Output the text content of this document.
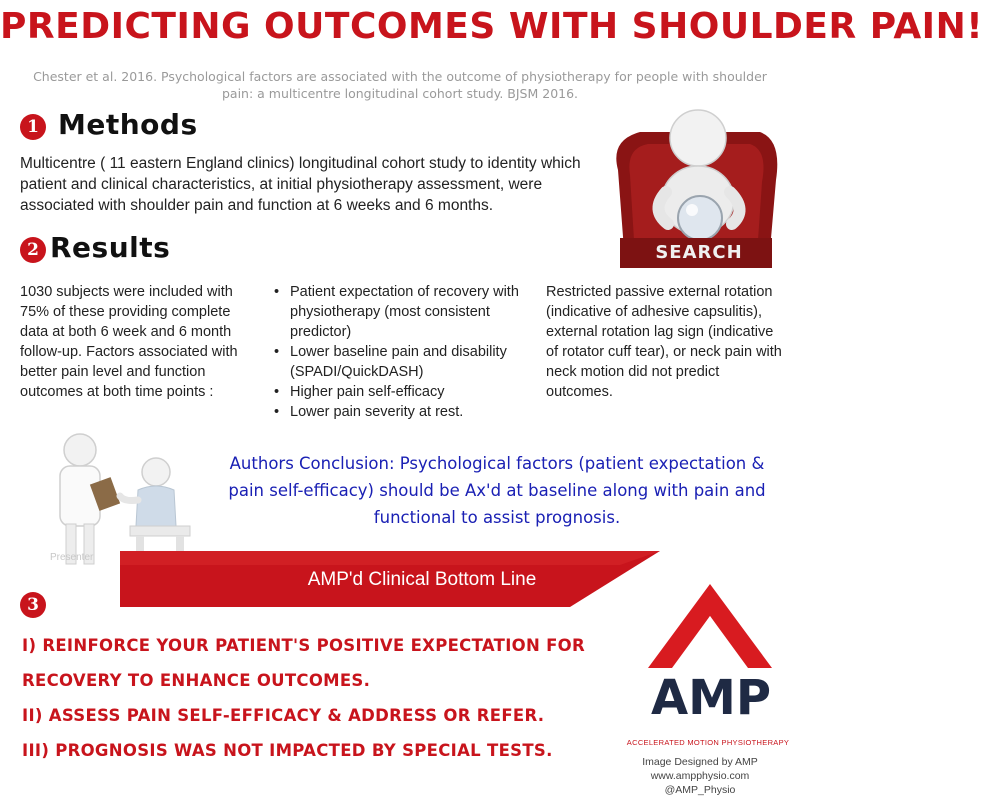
PREDICTING OUTCOMES WITH SHOULDER PAIN!
Chester et al. 2016. Psychological factors are associated with the outcome of physiotherapy for people with shoulder pain: a multicentre longitudinal cohort study. BJSM 2016.
1 Methods
Multicentre ( 11 eastern England clinics) longitudinal cohort study to identity which patient and clinical characteristics, at initial physiotherapy assessment, were associated with shoulder pain and function at 6 weeks and 6 months.
SEARCH
2 Results
1030 subjects were included with 75% of these providing complete data at both 6 week and 6 month follow-up. Factors associated with better pain level and function outcomes at both time points :
• Patient expectation of recovery with physiotherapy (most consistent predictor)
• Lower baseline pain and disability (SPADI/QuickDASH)
• Higher pain self-efficacy
• Lower pain severity at rest.
Restricted passive external rotation (indicative of adhesive capsulitis), external rotation lag sign (indicative of rotator cuff tear), or neck pain with neck motion did not predict outcomes.
Presenter
Authors Conclusion: Psychological factors (patient expectation & pain self-efficacy) should be Ax'd at baseline along with pain and functional to assist prognosis.
AMP'd Clinical Bottom Line
3
I) REINFORCE YOUR PATIENT'S POSITIVE EXPECTATION FOR
RECOVERY TO ENHANCE OUTCOMES.
II) ASSESS PAIN SELF-EFFICACY & ADDRESS OR REFER.
III) PROGNOSIS WAS NOT IMPACTED BY SPECIAL TESTS.
AMP
ACCELERATED MOTION PHYSIOTHERAPY
Image Designed by AMP
www.ampphysio.com
@AMP_Physio
